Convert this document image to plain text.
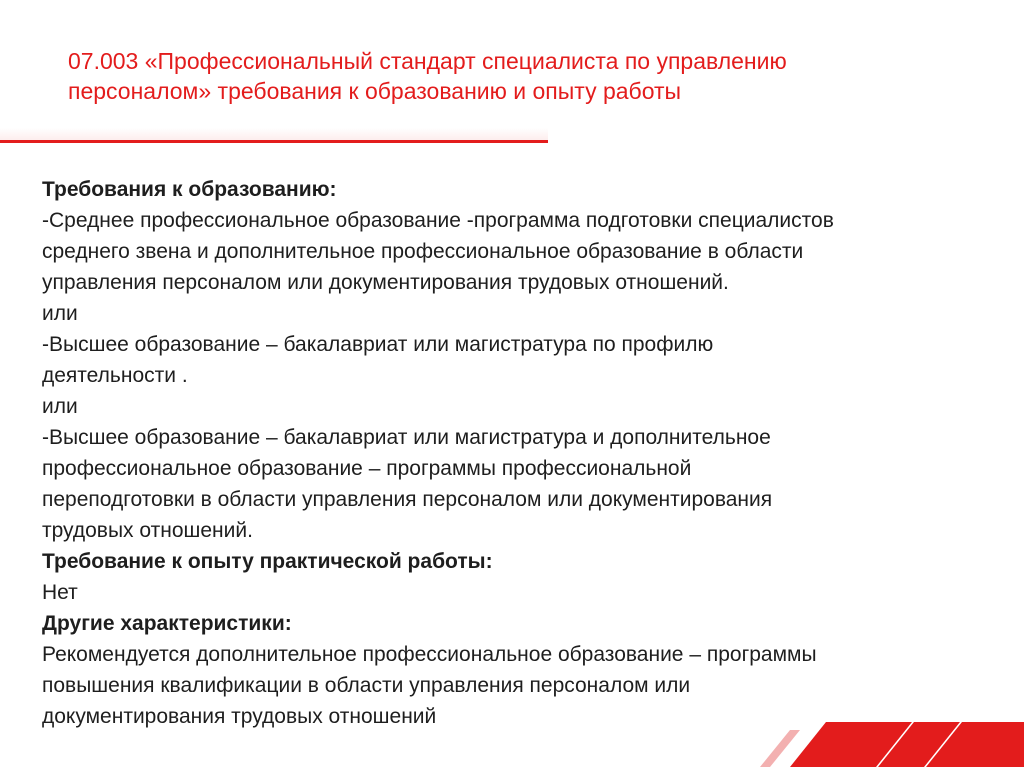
07.003 «Профессиональный стандарт специалиста по управлению
персоналом» требования к образованию и опыту работы
Требования к образованию:
-Среднее профессиональное образование -программа подготовки специалистов
среднего звена и дополнительное профессиональное образование в области
управления персоналом или документирования трудовых отношений.
или
-Высшее образование – бакалавриат или магистратура по профилю
деятельности .
или
-Высшее образование – бакалавриат или магистратура и дополнительное
профессиональное образование – программы профессиональной
переподготовки в области управления персоналом или документирования
трудовых отношений.
Требование к опыту практической работы:
Нет
Другие характеристики:
Рекомендуется дополнительное профессиональное образование – программы
повышения квалификации в области управления персоналом или
документирования трудовых отношений
